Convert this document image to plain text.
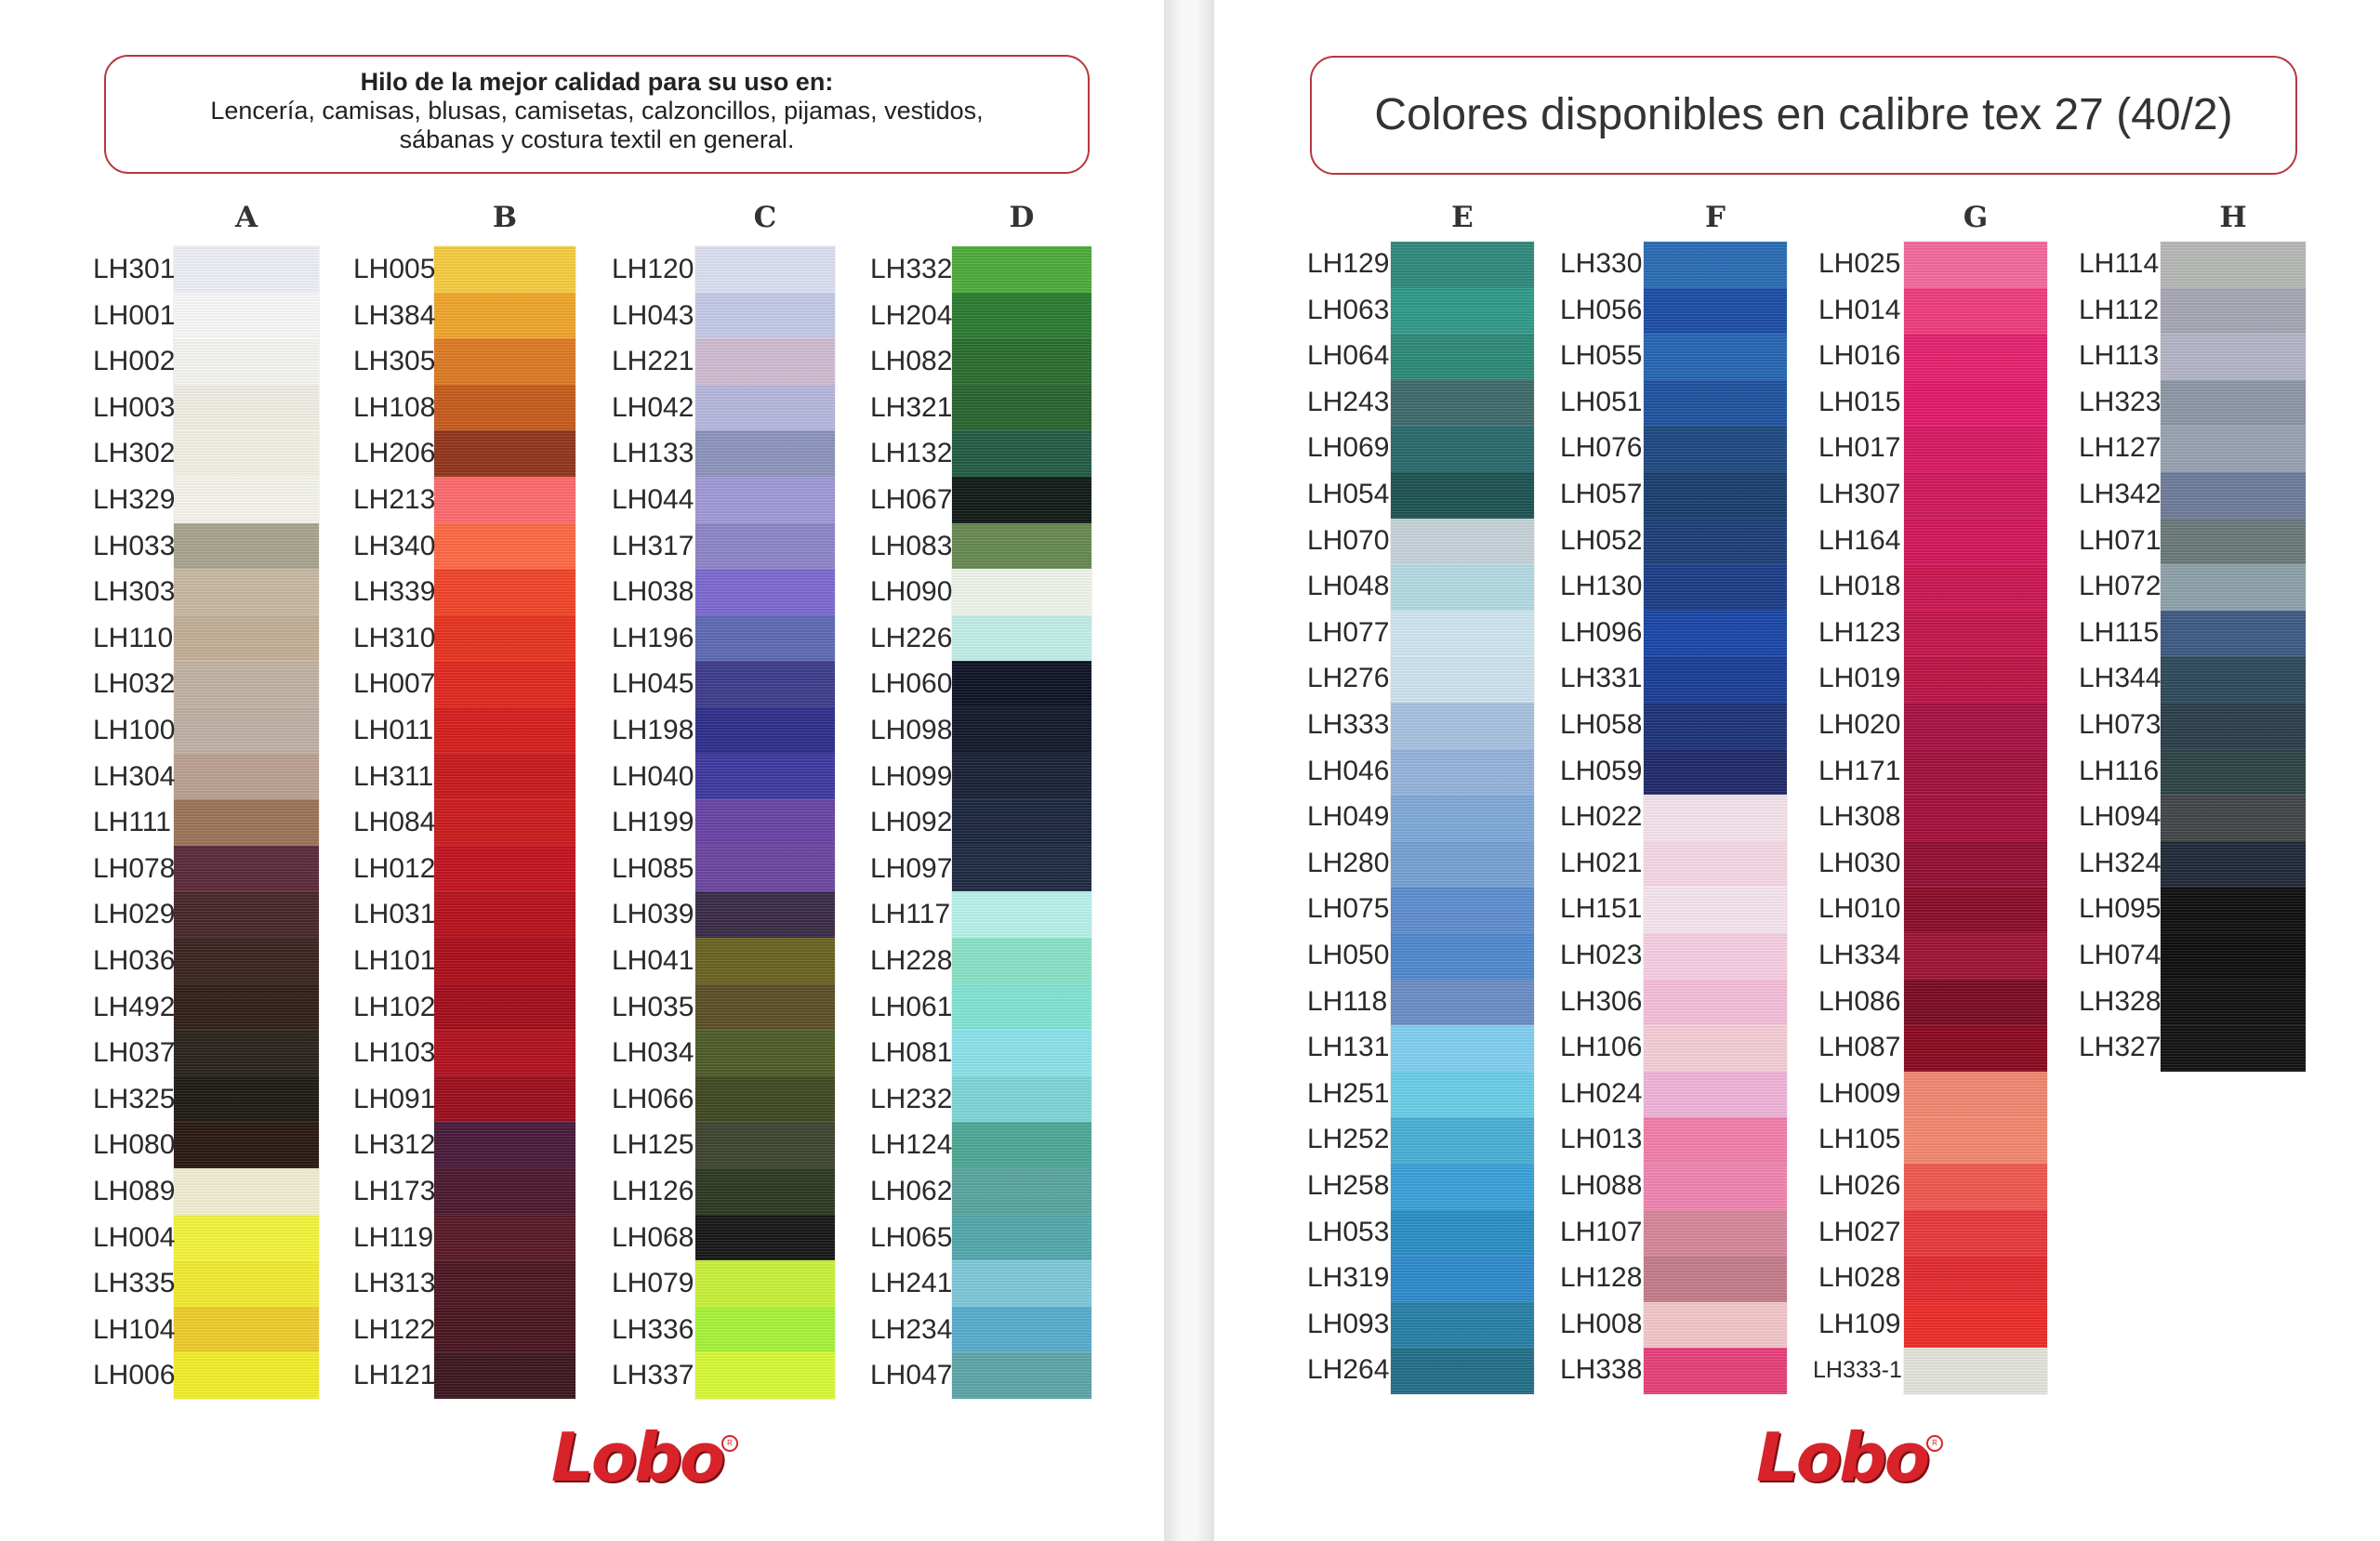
Hilo de la mejor calidad para su uso en:
Lencería, camisas, blusas, camisetas, calzoncillos, pijamas, vestidos,
sábanas y costura textil en general.
Lobo R
A
LH301
LH001
LH002
LH003
LH302
LH329
LH033
LH303
LH110
LH032
LH100
LH304
LH111
LH078
LH029
LH036
LH492
LH037
LH325
LH080
LH089
LH004
LH335
LH104
LH006
B
LH005
LH384
LH305
LH108
LH206
LH213
LH340
LH339
LH310
LH007
LH011
LH311
LH084
LH012
LH031
LH101
LH102
LH103
LH091
LH312
LH173
LH119
LH313
LH122
LH121
C
LH120
LH043
LH221
LH042
LH133
LH044
LH317
LH038
LH196
LH045
LH198
LH040
LH199
LH085
LH039
LH041
LH035
LH034
LH066
LH125
LH126
LH068
LH079
LH336
LH337
D
LH332
LH204
LH082
LH321
LH132
LH067
LH083
LH090
LH226
LH060
LH098
LH099
LH092
LH097
LH117
LH228
LH061
LH081
LH232
LH124
LH062
LH065
LH241
LH234
LH047
Colores disponibles en calibre tex 27 (40/2)
Lobo R
E
LH129
LH063
LH064
LH243
LH069
LH054
LH070
LH048
LH077
LH276
LH333
LH046
LH049
LH280
LH075
LH050
LH118
LH131
LH251
LH252
LH258
LH053
LH319
LH093
LH264
F
LH330
LH056
LH055
LH051
LH076
LH057
LH052
LH130
LH096
LH331
LH058
LH059
LH022
LH021
LH151
LH023
LH306
LH106
LH024
LH013
LH088
LH107
LH128
LH008
LH338
G
LH025
LH014
LH016
LH015
LH017
LH307
LH164
LH018
LH123
LH019
LH020
LH171
LH308
LH030
LH010
LH334
LH086
LH087
LH009
LH105
LH026
LH027
LH028
LH109
LH333-1
H
LH114
LH112
LH113
LH323
LH127
LH342
LH071
LH072
LH115
LH344
LH073
LH116
LH094
LH324
LH095
LH074
LH328
LH327
